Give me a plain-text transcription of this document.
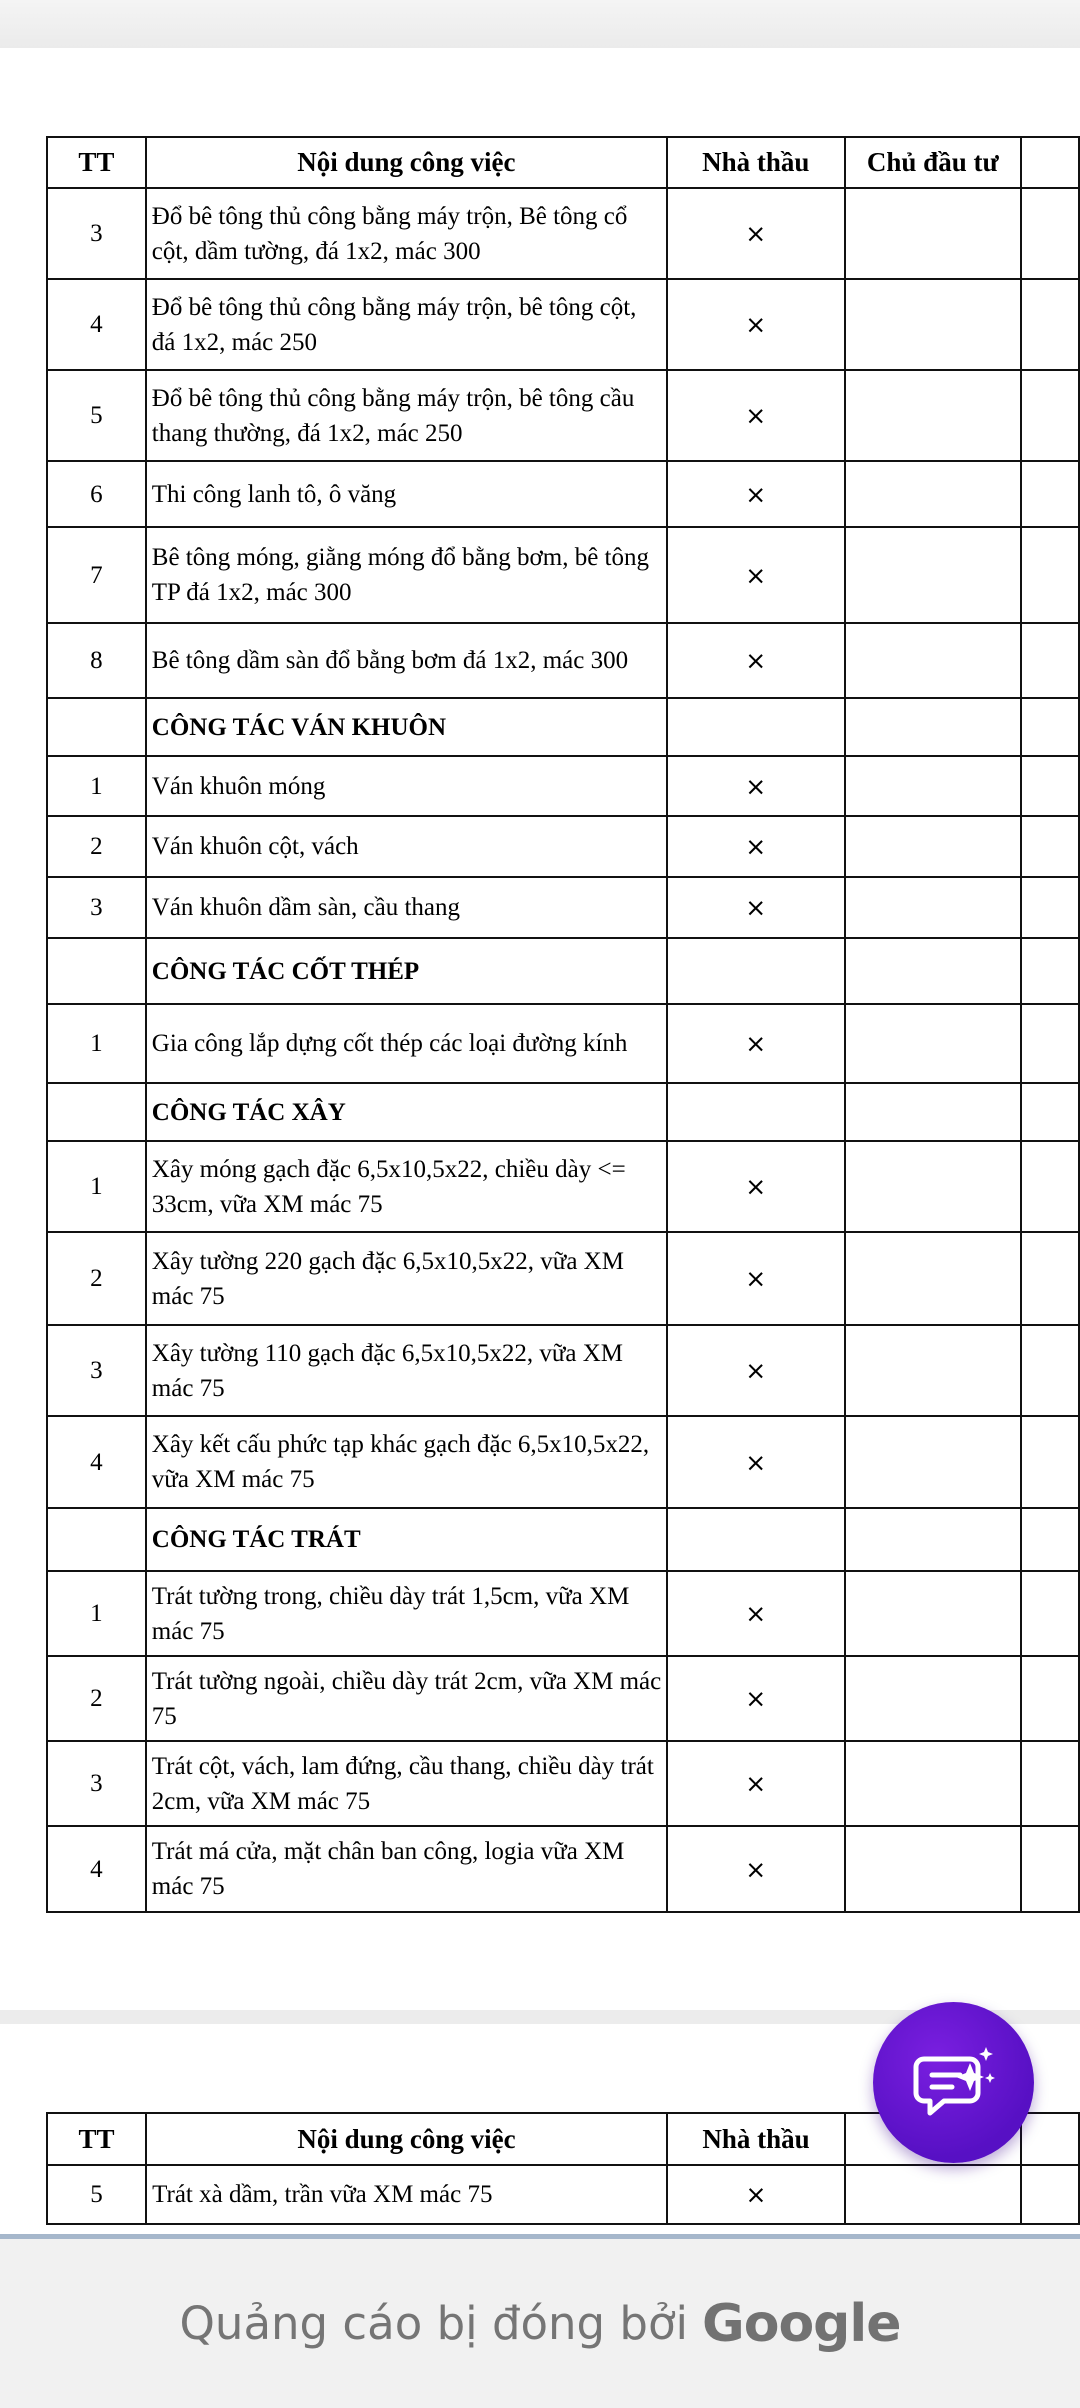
TT	Nội dung công việc	Nhà thầu	Chủ đầu tư	
3	Đổ bê tông thủ công bằng máy trộn, Bê tông cổ cột, dầm tường, đá 1x2, mác 300	×		
4	Đổ bê tông thủ công bằng máy trộn, bê tông cột, đá 1x2, mác 250	×		
5	Đổ bê tông thủ công bằng máy trộn, bê tông cầu thang thường, đá 1x2, mác 250	×		
6	Thi công lanh tô, ô văng	×		
7	Bê tông móng, giằng móng đổ bằng bơm, bê tông TP đá 1x2, mác 300	×		
8	Bê tông dầm sàn đổ bằng bơm đá 1x2, mác 300	×		
	CÔNG TÁC VÁN KHUÔN			
1	Ván khuôn móng	×		
2	Ván khuôn cột, vách	×		
3	Ván khuôn dầm sàn, cầu thang	×		
	CÔNG TÁC CỐT THÉP			
1	Gia công lắp dựng cốt thép các loại đường kính	×		
	CÔNG TÁC XÂY			
1	Xây móng gạch đặc 6,5x10,5x22, chiều dày <= 33cm, vữa XM mác 75	×		
2	Xây tường 220 gạch đặc 6,5x10,5x22, vữa XM mác 75	×		
3	Xây tường 110 gạch đặc 6,5x10,5x22, vữa XM mác 75	×		
4	Xây kết cấu phức tạp khác gạch đặc 6,5x10,5x22, vữa XM mác 75	×		
	CÔNG TÁC TRÁT			
1	Trát tường trong, chiều dày trát 1,5cm, vữa XM mác 75	×		
2	Trát tường ngoài, chiều dày trát 2cm, vữa XM mác 75	×		
3	Trát cột, vách, lam đứng, cầu thang, chiều dày trát 2cm, vữa XM mác 75	×		
4	Trát má cửa, mặt chân ban công, logia vữa XM mác 75	×		
TT	Nội dung công việc	Nhà thầu		
5	Trát xà dầm, trần vữa XM mác 75	×		
Quảng cáo bị đóng bởi Google
